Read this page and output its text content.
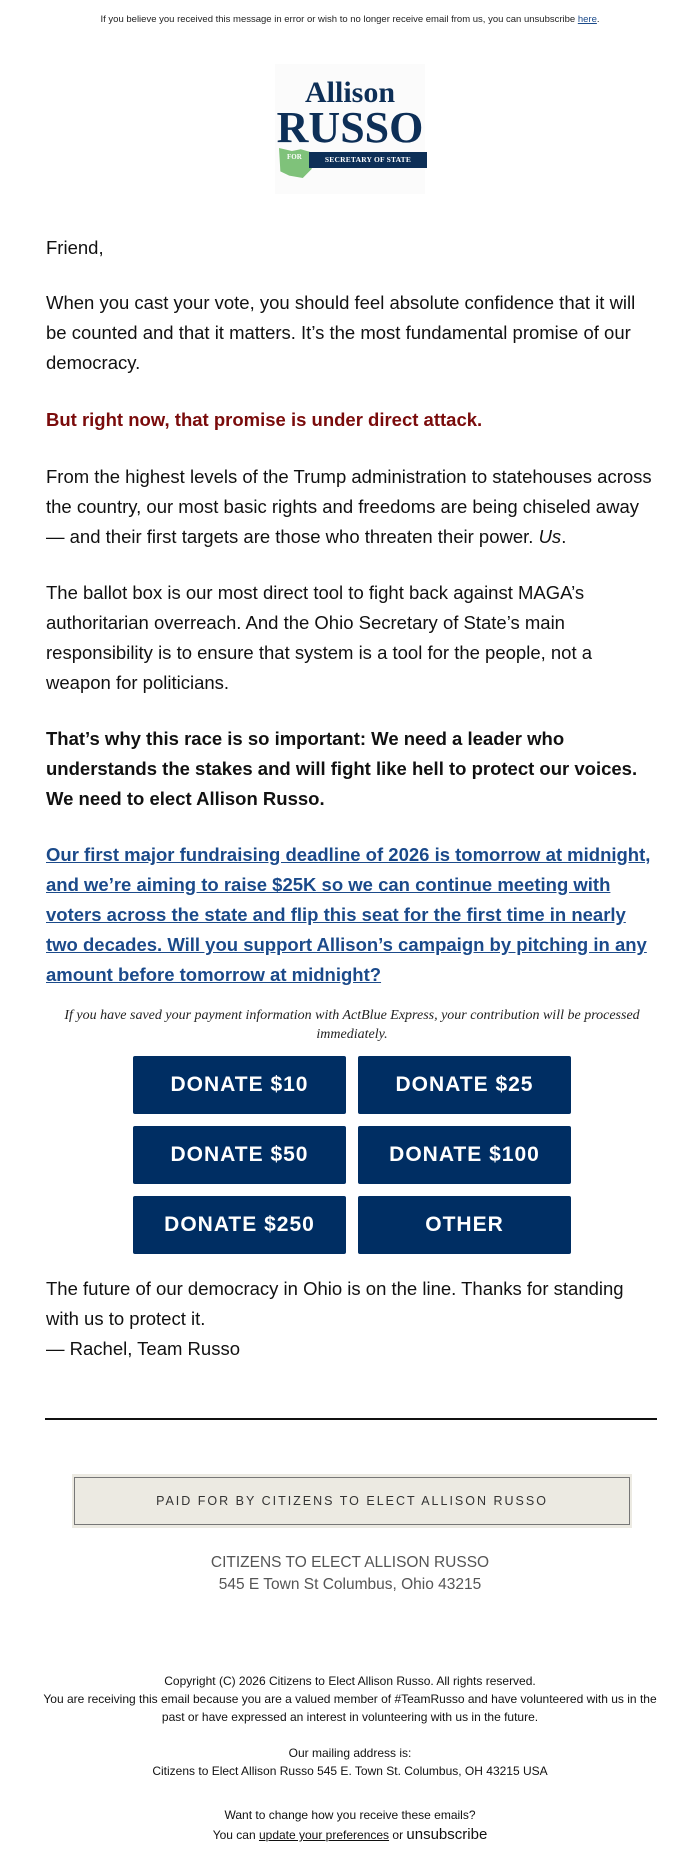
If you believe you received this message in error or wish to no longer receive email from us, you can unsubscribe here.
Allison
RUSSO
FOR	SECRETARY OF STATE
Friend,
When you cast your vote, you should feel absolute confidence that it will be counted and that it matters. It’s the most fundamental promise of our democracy.
But right now, that promise is under direct attack.
From the highest levels of the Trump administration to statehouses across the country, our most basic rights and freedoms are being chiseled away — and their first targets are those who threaten their power. Us.
The ballot box is our most direct tool to fight back against MAGA’s authoritarian overreach. And the Ohio Secretary of State’s main responsibility is to ensure that system is a tool for the people, not a weapon for politicians.
That’s why this race is so important: We need a leader who understands the stakes and will fight like hell to protect our voices. We need to elect Allison Russo.
Our first major fundraising deadline of 2026 is tomorrow at midnight, and we’re aiming to raise $25K so we can continue meeting with voters across the state and flip this seat for the first time in nearly two decades. Will you support Allison’s campaign by pitching in any amount before tomorrow at midnight?
If you have saved your payment information with ActBlue Express, your contribution will be processed immediately.
DONATE $10	DONATE $25
DONATE $50	DONATE $100
DONATE $250	OTHER
The future of our democracy in Ohio is on the line. Thanks for standing with us to protect it.
— Rachel, Team Russo
PAID FOR BY CITIZENS TO ELECT ALLISON RUSSO
CITIZENS TO ELECT ALLISON RUSSO
545 E Town St Columbus, Ohio 43215
Copyright (C) 2026 Citizens to Elect Allison Russo. All rights reserved.
You are receiving this email because you are a valued member of #TeamRusso and have volunteered with us in the past or have expressed an interest in volunteering with us in the future.
Our mailing address is:
Citizens to Elect Allison Russo 545 E. Town St. Columbus, OH 43215 USA
Want to change how you receive these emails?
You can update your preferences or unsubscribe
